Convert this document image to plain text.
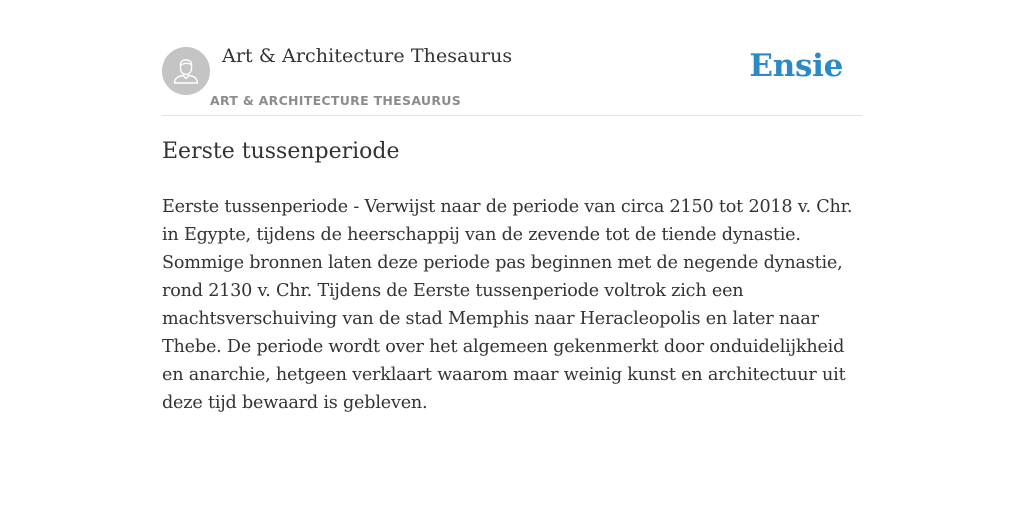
Art & Architecture Thesaurus
ART & ARCHITECTURE THESAURUS
Ensie
Eerste tussenperiode

Eerste tussenperiode - Verwijst naar de periode van circa 2150 tot 2018 v. Chr. in Egypte, tijdens de heerschappij van de zevende tot de tiende dynastie. Sommige bronnen laten deze periode pas beginnen met de negende dynastie, rond 2130 v. Chr. Tijdens de Eerste tussenperiode voltrok zich een machtsverschuiving van de stad Memphis naar Heracleopolis en later naar Thebe. De periode wordt over het algemeen gekenmerkt door onduidelijkheid en anarchie, hetgeen verklaart waarom maar weinig kunst en architectuur uit deze tijd bewaard is gebleven.
